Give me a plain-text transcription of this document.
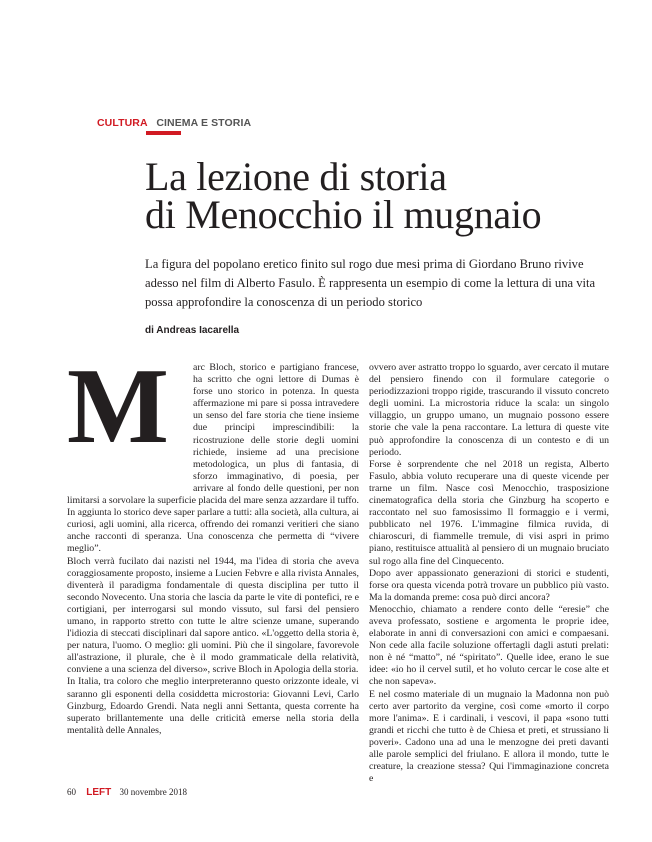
CULTURA CINEMA E STORIA
La lezione di storia
di Menocchio il mugnaio

La figura del popolano eretico finito sul rogo due mesi prima di Giordano Bruno rivive adesso nel film di Alberto Fasulo. È rappresenta un esempio di come la lettura di una vita possa approfondire la conoscenza di un periodo storico

di Andreas Iacarella
M	arc Bloch, storico e partigiano francese, ha scritto che ogni lettore di Dumas è forse uno storico in potenza. In questa affermazione mi pare si possa intravedere un senso del fare storia che tiene insieme due principi imprescindibili: la ricostruzione delle storie degli uomini richiede, insieme ad una precisione metodologica, un plus di fantasia, di sforzo immaginativo, di poesia, per arrivare al fondo delle questioni, per non limitarsi a sorvolare la superficie placida del mare senza azzardare il tuffo. In aggiunta lo storico deve saper parlare a tutti: alla società, alla cultura, ai curiosi, agli uomini, alla ricerca, offrendo dei romanzi veritieri che siano anche racconti di speranza. Una conoscenza che permetta di “vivere meglio”.

Bloch verrà fucilato dai nazisti nel 1944, ma l'idea di storia che aveva coraggiosamente proposto, insieme a Lucien Febvre e alla rivista Annales, diventerà il paradigma fondamentale di questa disciplina per tutto il secondo Novecento. Una storia che lascia da parte le vite di pontefici, re e cortigiani, per interrogarsi sul mondo vissuto, sul farsi del pensiero umano, in rapporto stretto con tutte le altre scienze umane, superando l'idiozia di steccati disciplinari dal sapore antico. «L'oggetto della storia è, per natura, l'uomo. O meglio: gli uomini. Più che il singolare, favorevole all'astrazione, il plurale, che è il modo grammaticale della relatività, conviene a una scienza del diverso», scrive Bloch in Apologia della storia.

In Italia, tra coloro che meglio interpreteranno questo orizzonte ideale, vi saranno gli esponenti della cosiddetta microstoria: Giovanni Levi, Carlo Ginzburg, Edoardo Grendi. Nata negli anni Settanta, questa corrente ha superato brillantemente una delle criticità emerse nella storia della mentalità delle Annales,

ovvero aver astratto troppo lo sguardo, aver cercato il mutare del pensiero finendo con il formulare categorie o periodizzazioni troppo rigide, trascurando il vissuto concreto degli uomini. La microstoria riduce la scala: un singolo villaggio, un gruppo umano, un mugnaio possono essere storie che vale la pena raccontare. La lettura di queste vite può approfondire la conoscenza di un contesto e di un periodo.

Forse è sorprendente che nel 2018 un regista, Alberto Fasulo, abbia voluto recuperare una di queste vicende per trarne un film. Nasce così Menocchio, trasposizione cinematografica della storia che Ginzburg ha scoperto e raccontato nel suo famosissimo Il formaggio e i vermi, pubblicato nel 1976. L'immagine filmica ruvida, di chiaroscuri, di fiammelle tremule, di visi aspri in primo piano, restituisce attualità al pensiero di un mugnaio bruciato sul rogo alla fine del Cinquecento.

Dopo aver appassionato generazioni di storici e studenti, forse ora questa vicenda potrà trovare un pubblico più vasto. Ma la domanda preme: cosa può dirci ancora?

Menocchio, chiamato a rendere conto delle “eresie” che aveva professato, sostiene e argomenta le proprie idee, elaborate in anni di conversazioni con amici e compaesani. Non cede alla facile soluzione offertagli dagli astuti prelati: non è né “matto”, né “spiritato”. Quelle idee, erano le sue idee: «io ho il cervel sutil, et ho voluto cercar le cose alte et che non sapeva».

E nel cosmo materiale di un mugnaio la Madonna non può certo aver partorito da vergine, così come «morto il corpo more l'anima». E i cardinali, i vescovi, il papa «sono tutti grandi et ricchi che tutto è de Chiesa et preti, et strussiano li poveri». Cadono una ad una le menzogne dei preti davanti alle parole semplici del friulano. E allora il mondo, tutte le creature, la creazione stessa? Qui l'immaginazione concreta e

60 LEFT 30 novembre 2018
